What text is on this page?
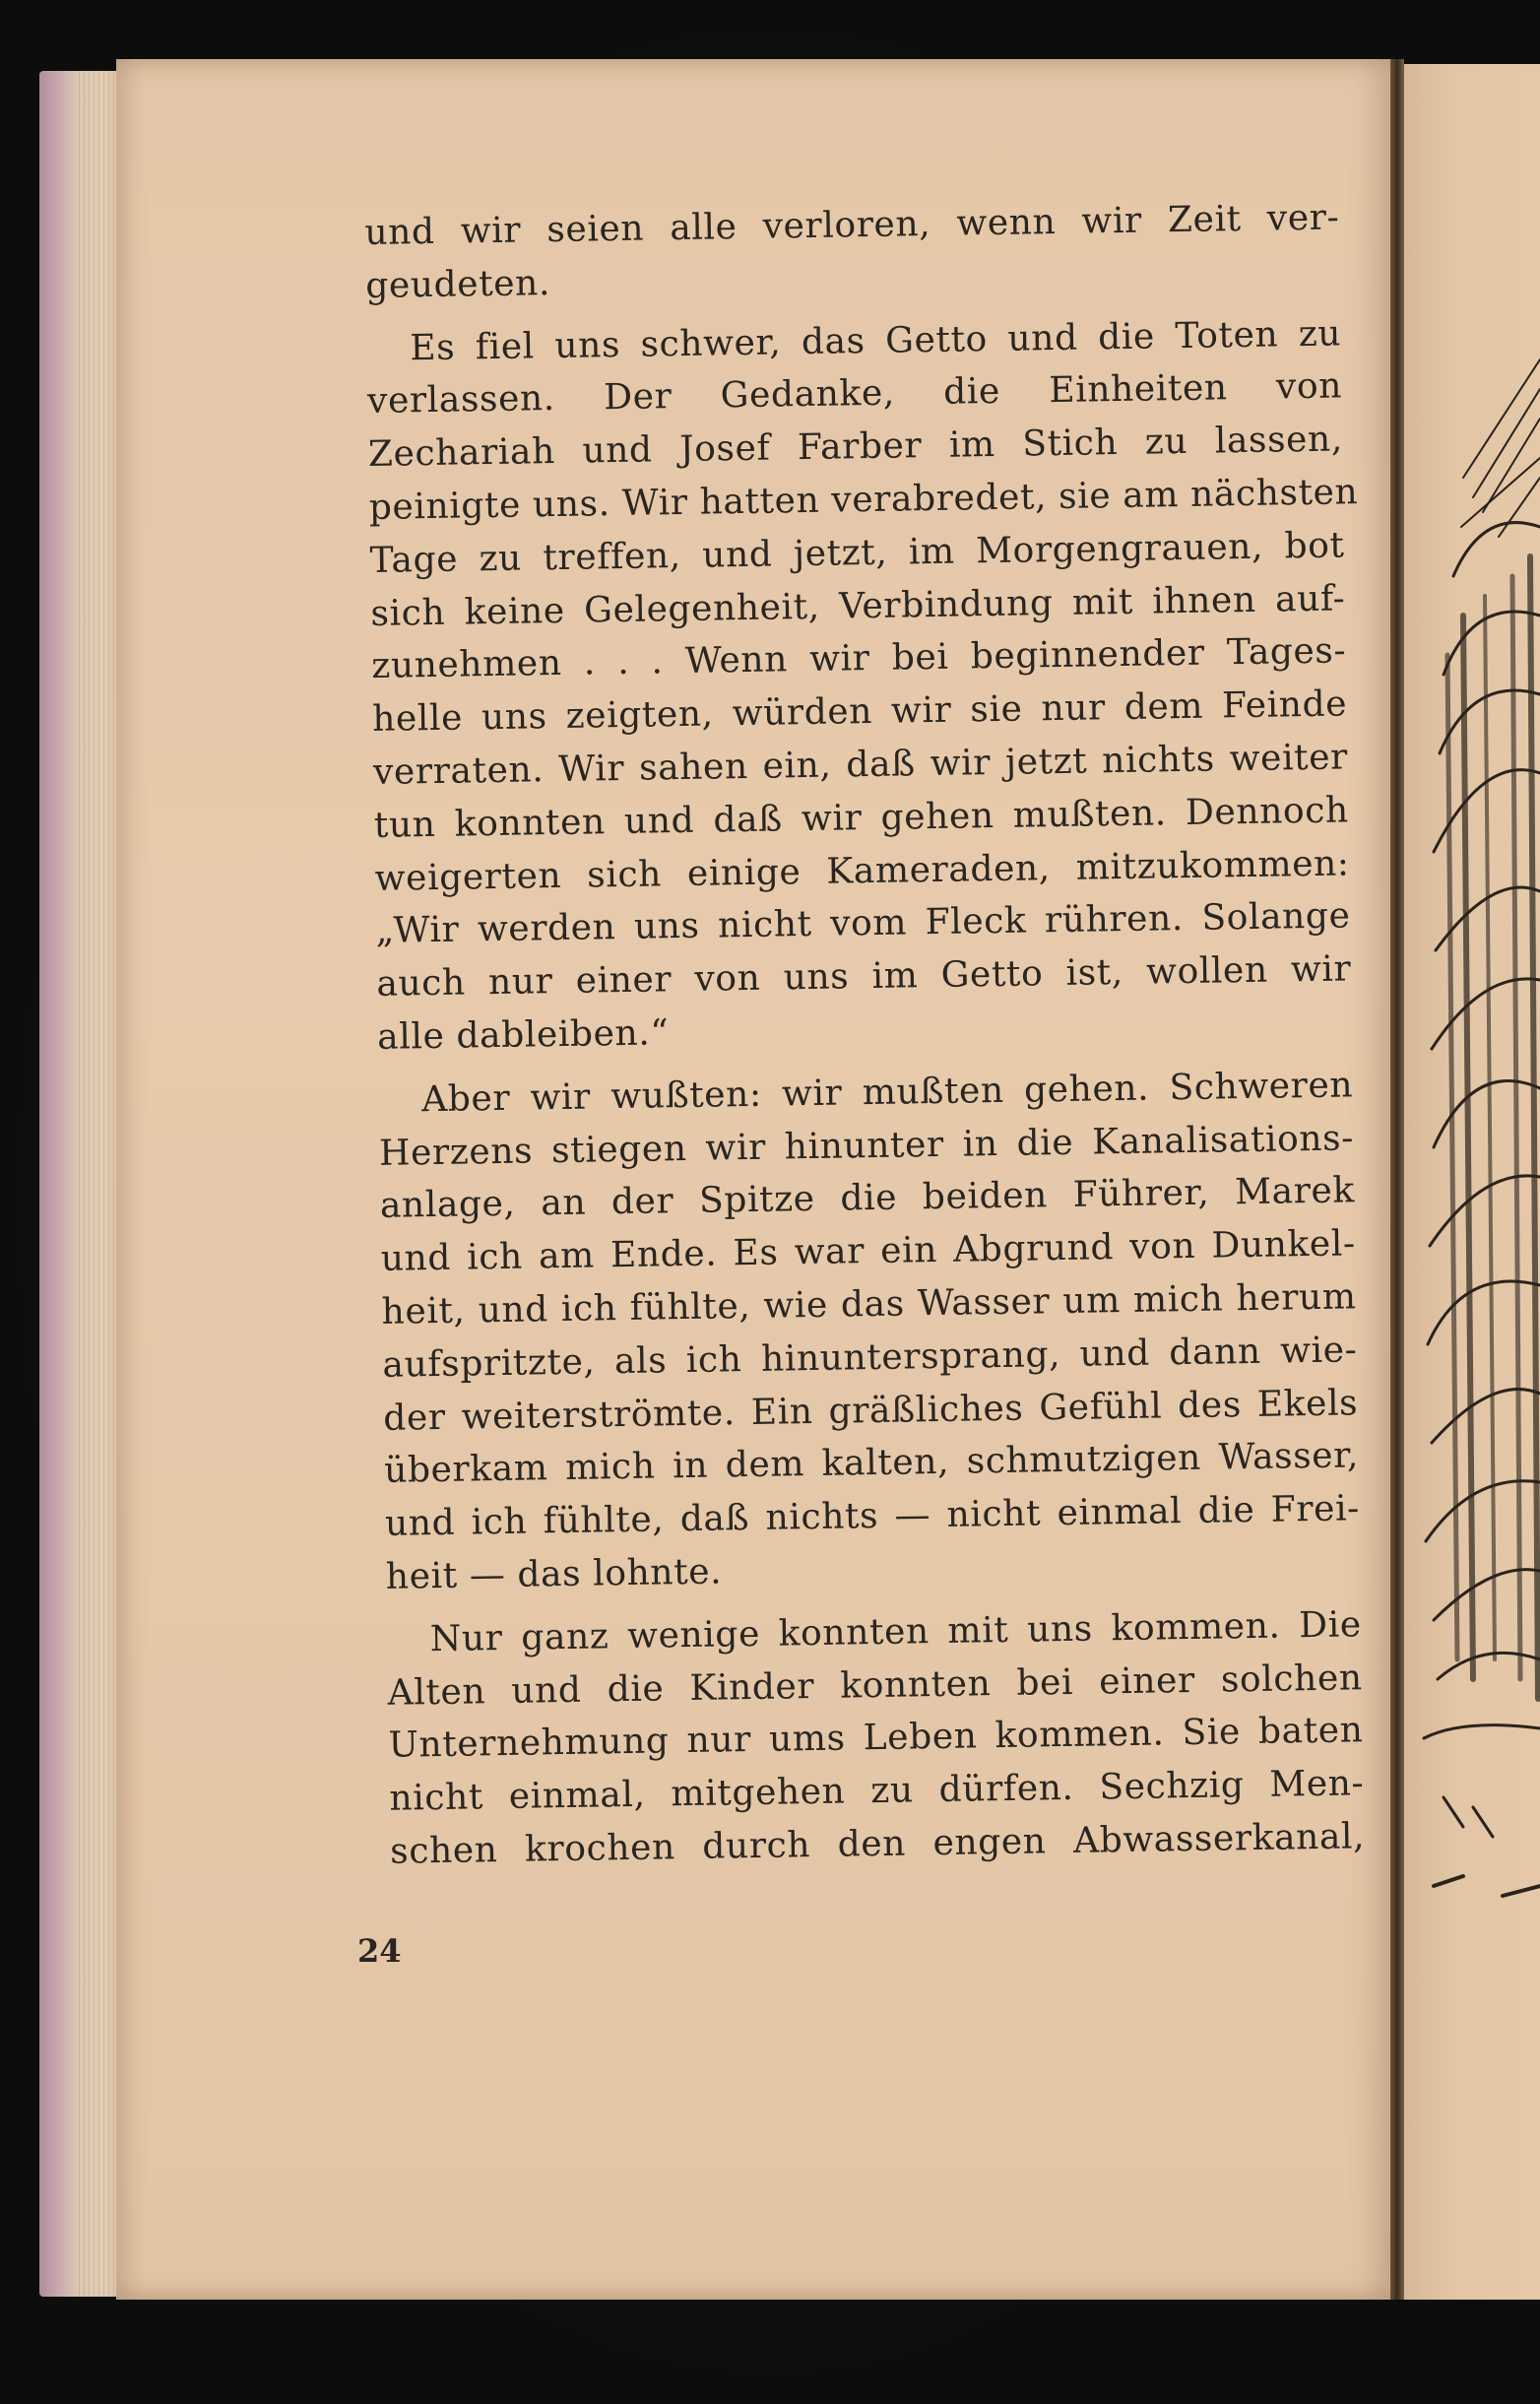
und wir seien alle verloren, wenn wir Zeit ver-
geudeten.
Es fiel uns schwer, das Getto und die Toten zu
verlassen. Der Gedanke, die Einheiten von
Zechariah und Josef Farber im Stich zu lassen,
peinigte uns. Wir hatten verabredet, sie am nächsten
Tage zu treffen, und jetzt, im Morgengrauen, bot
sich keine Gelegenheit, Verbindung mit ihnen auf-
zunehmen . . . Wenn wir bei beginnender Tages-
helle uns zeigten, würden wir sie nur dem Feinde
verraten. Wir sahen ein, daß wir jetzt nichts weiter
tun konnten und daß wir gehen mußten. Dennoch
weigerten sich einige Kameraden, mitzukommen:
„Wir werden uns nicht vom Fleck rühren. Solange
auch nur einer von uns im Getto ist, wollen wir
alle dableiben.“
Aber wir wußten: wir mußten gehen. Schweren
Herzens stiegen wir hinunter in die Kanalisations-
anlage, an der Spitze die beiden Führer, Marek
und ich am Ende. Es war ein Abgrund von Dunkel-
heit, und ich fühlte, wie das Wasser um mich herum
aufspritzte, als ich hinuntersprang, und dann wie-
der weiterströmte. Ein gräßliches Gefühl des Ekels
überkam mich in dem kalten, schmutzigen Wasser,
und ich fühlte, daß nichts — nicht einmal die Frei-
heit — das lohnte.
Nur ganz wenige konnten mit uns kommen. Die
Alten und die Kinder konnten bei einer solchen
Unternehmung nur ums Leben kommen. Sie baten
nicht einmal, mitgehen zu dürfen. Sechzig Men-
schen krochen durch den engen Abwasserkanal,
24
